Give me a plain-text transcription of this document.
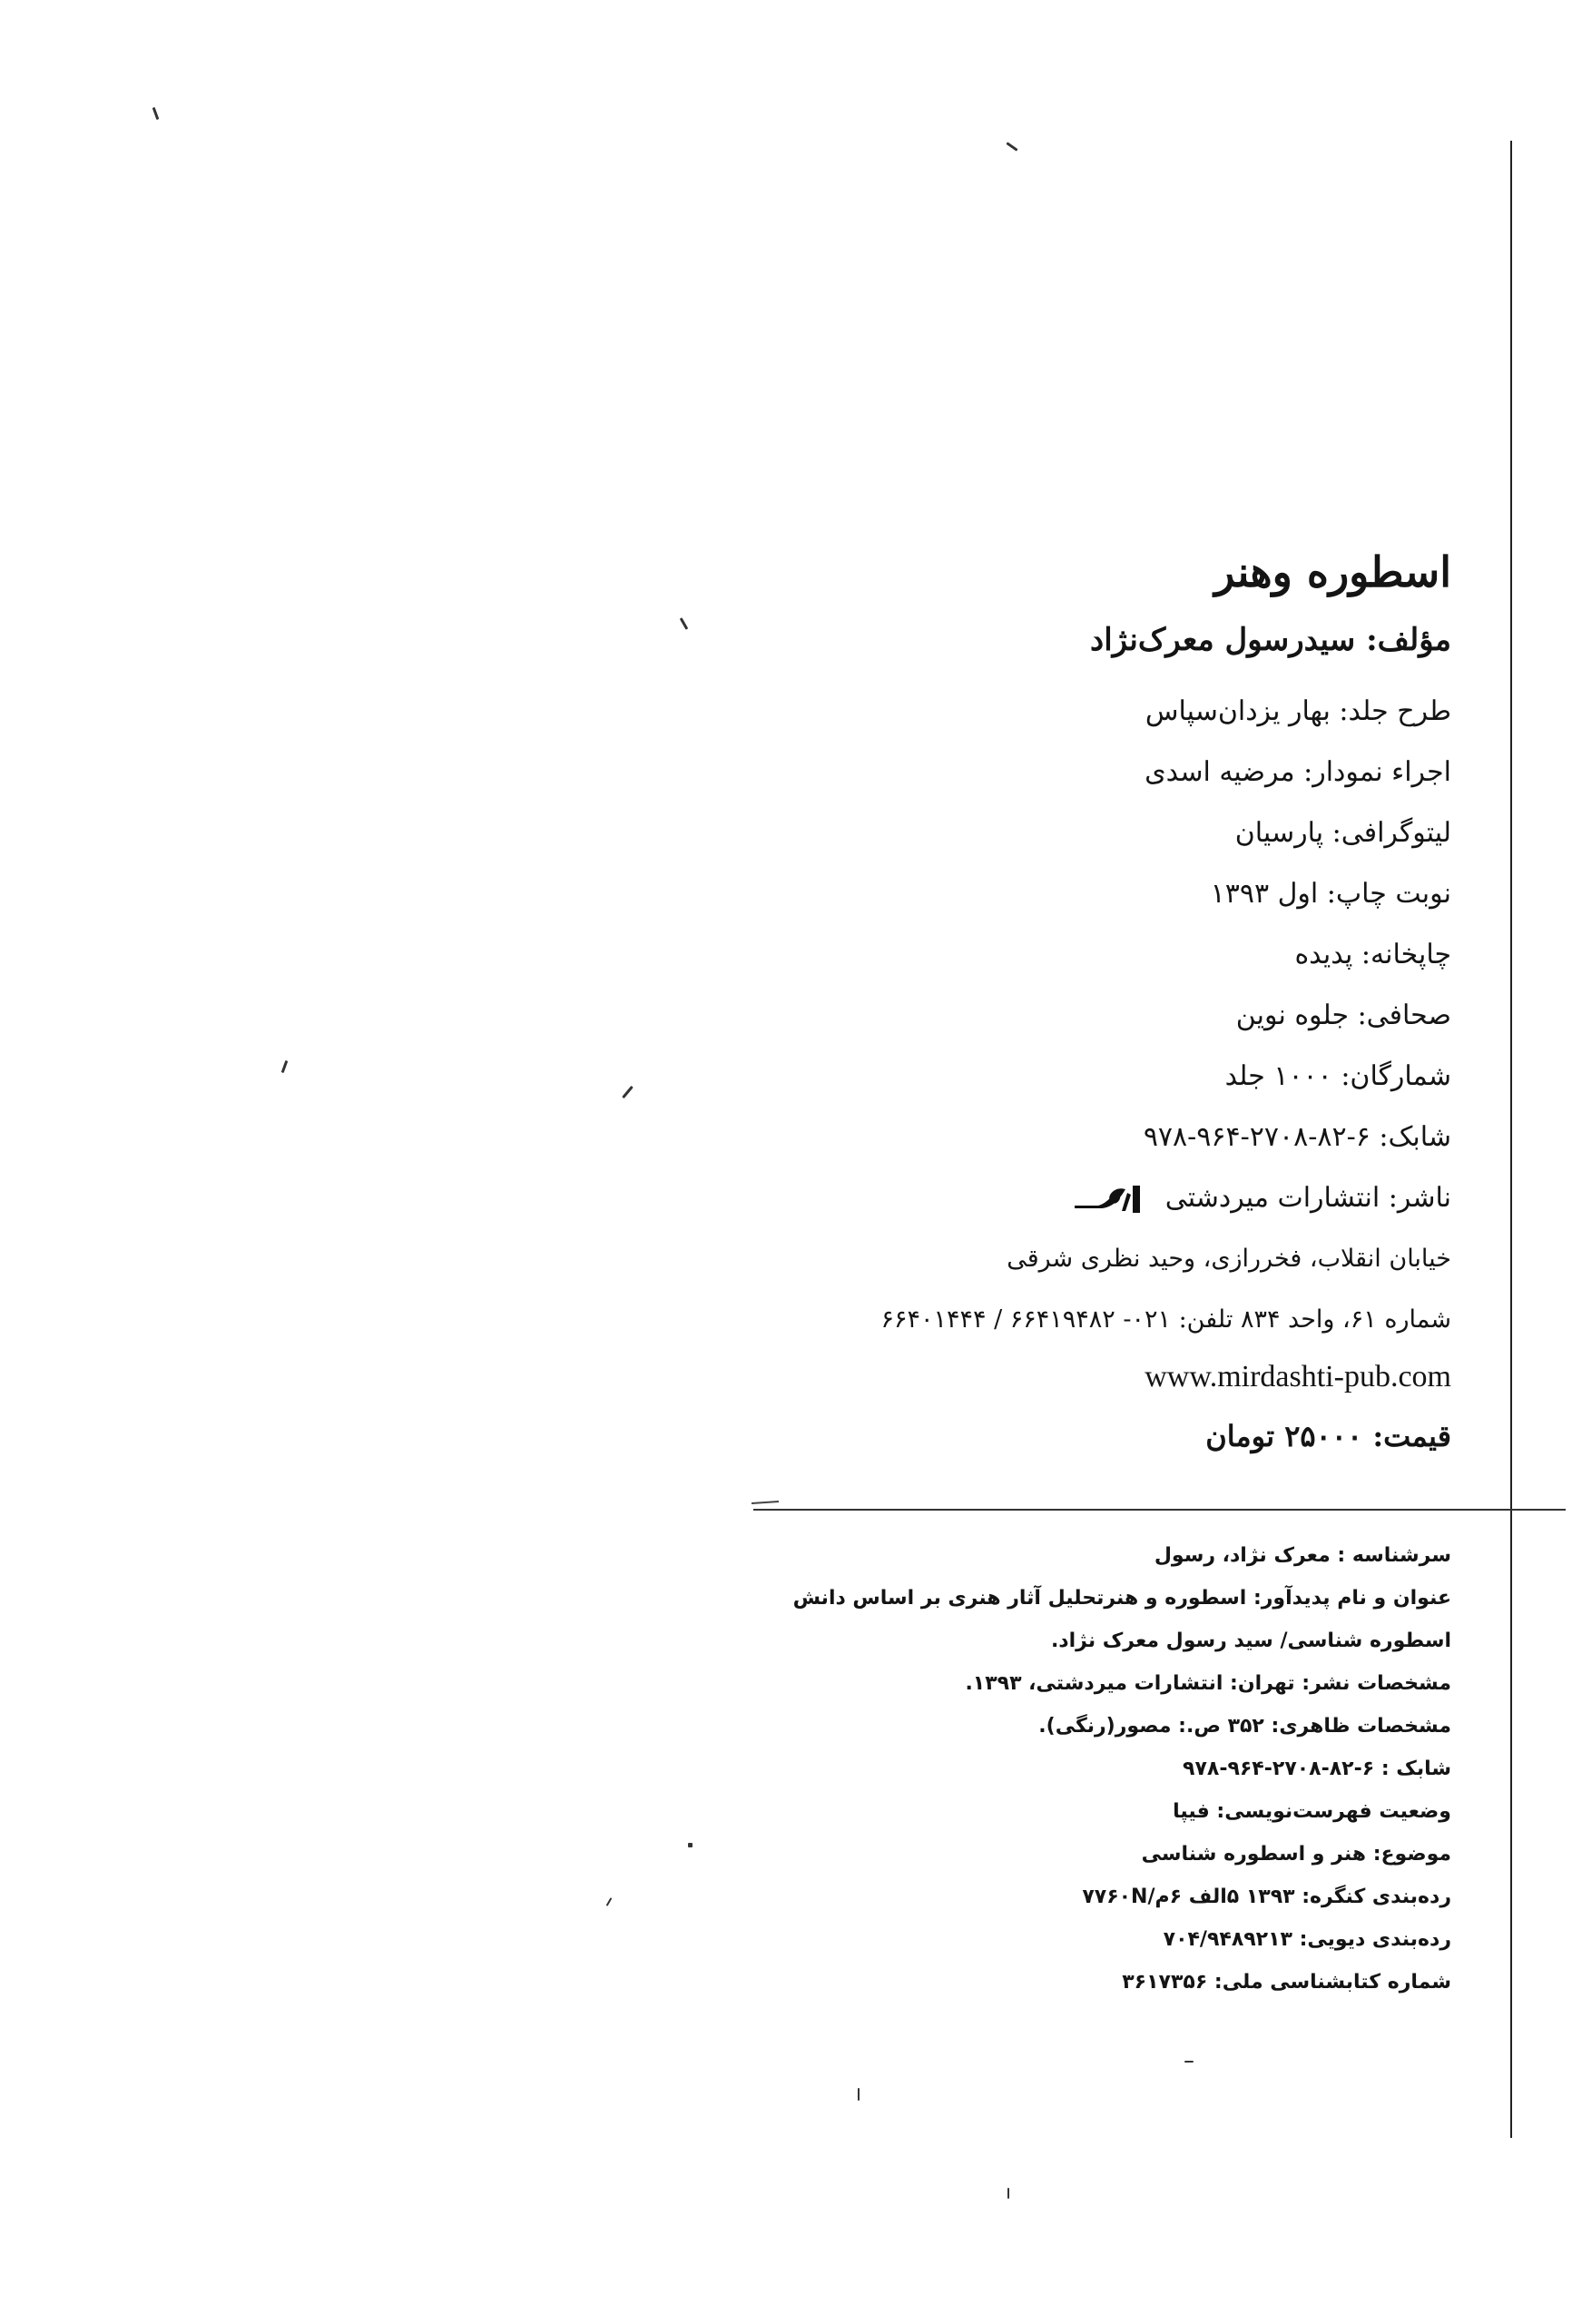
اسطوره وهنر
مؤلف: سیدرسول معرک‌نژاد
طرح جلد: بهار یزدان‌سپاس
اجراء نمودار: مرضیه اسدی
لیتوگرافی: پارسیان
نوبت چاپ: اول ۱۳۹۳
چاپخانه: پدیده
صحافی: جلوه نوین
شمارگان: ۱۰۰۰ جلد
شابک: ۶-۸۲-۲۷۰۸-۹۶۴-۹۷۸
ناشر: انتشارات میردشتی
خیابان انقلاب، فخررازی، وحید نظری شرقی
شماره ۶۱، واحد ۸۳۴ تلفن: ۰۲۱- ۶۶۴۱۹۴۸۲ / ۶۶۴۰۱۴۴۴
www.mirdashti-pub.com
قیمت: ۲۵۰۰۰ تومان
سرشناسه : معرک نژاد، رسول
عنوان و نام پدیدآور: اسطوره و هنرتحلیل آثار هنری بر اساس دانش
اسطوره شناسی/ سید رسول معرک نژاد.
مشخصات نشر: تهران: انتشارات میردشتی، ۱۳۹۳.
مشخصات ظاهری: ۳۵۲ ص.: مصور(رنگی).
شابک : ۶-۸۲-۲۷۰۸-۹۶۴-۹۷۸
وضعیت فهرست‌نویسی: فیپا
موضوع: هنر و اسطوره شناسی
رده‌بندی کنگره: ۱۳۹۳ ۵الف ۶م/۷۷۶۰N
رده‌بندی دیویی: ۷۰۴/۹۴۸۹۲۱۳
شماره کتابشناسی ملی: ۳۶۱۷۳۵۶
